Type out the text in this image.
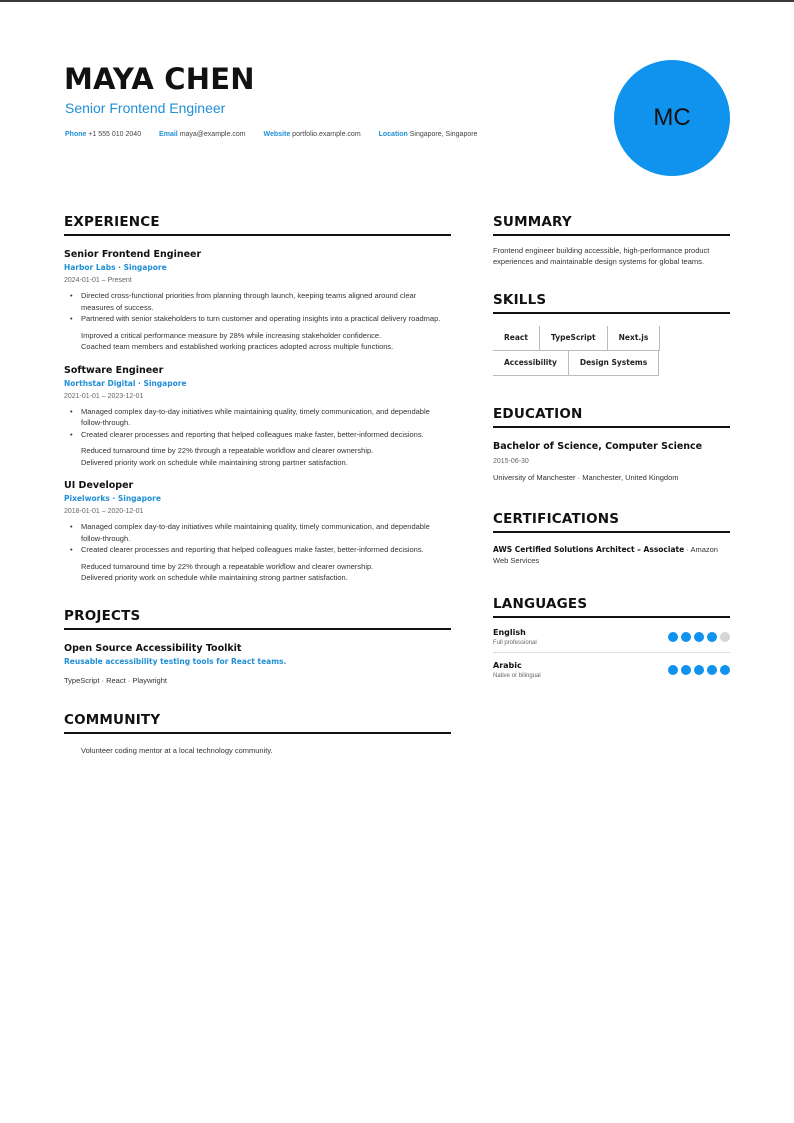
MAYA CHEN
Senior Frontend Engineer
Phone +1 555 010 2040	Email maya@example.com	Website portfolio.example.com	Location Singapore, Singapore
MC
EXPERIENCE
Senior Frontend Engineer
Harbor Labs · Singapore
2024-01-01 – Present
• Directed cross-functional priorities from planning through launch, keeping teams aligned around clear measures of success.
• Partnered with senior stakeholders to turn customer and operating insights into a practical delivery roadmap.
Improved a critical performance measure by 28% while increasing stakeholder confidence.
Coached team members and established working practices adopted across multiple functions.
Software Engineer
Northstar Digital · Singapore
2021-01-01 – 2023-12-01
• Managed complex day-to-day initiatives while maintaining quality, timely communication, and dependable follow-through.
• Created clearer processes and reporting that helped colleagues make faster, better-informed decisions.
Reduced turnaround time by 22% through a repeatable workflow and clearer ownership.
Delivered priority work on schedule while maintaining strong partner satisfaction.
UI Developer
Pixelworks · Singapore
2018-01-01 – 2020-12-01
• Managed complex day-to-day initiatives while maintaining quality, timely communication, and dependable follow-through.
• Created clearer processes and reporting that helped colleagues make faster, better-informed decisions.
Reduced turnaround time by 22% through a repeatable workflow and clearer ownership.
Delivered priority work on schedule while maintaining strong partner satisfaction.
PROJECTS
Open Source Accessibility Toolkit
Reusable accessibility testing tools for React teams.
TypeScript · React · Playwright
COMMUNITY
Volunteer coding mentor at a local technology community.
SUMMARY
Frontend engineer building accessible, high-performance product experiences and maintainable design systems for global teams.
SKILLS
React	TypeScript	Next.js
Accessibility	Design Systems
EDUCATION
Bachelor of Science, Computer Science
2015-06-30
University of Manchester · Manchester, United Kingdom
CERTIFICATIONS
AWS Certified Solutions Architect – Associate · Amazon Web Services
LANGUAGES
English
Full professional
Arabic
Native or bilingual
